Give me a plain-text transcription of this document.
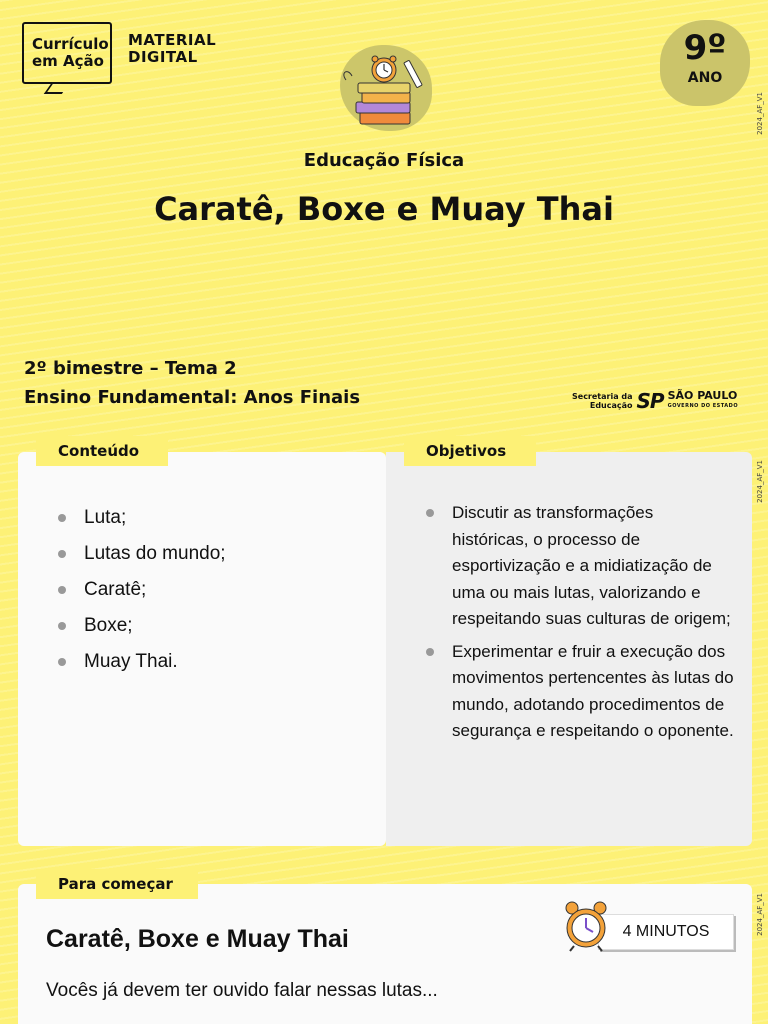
Currículo
em Ação
MATERIAL
DIGITAL	9º
ANO
2024_AF_V1
2024_AF_V1
2024_AF_V1
Educação Física
Caratê, Boxe e Muay Thai
2º bimestre – Tema 2
Ensino Fundamental: Anos Finais	Secretaria da
Educação SP SÃO PAULO
GOVERNO DO ESTADO
Conteúdo	Objetivos
Luta;
Lutas do mundo;
Caratê;
Boxe;
Muay Thai.
Discutir as transformações históricas, o processo de esportivização e a midiatização de uma ou mais lutas, valorizando e respeitando suas culturas de origem;
Experimentar e fruir a execução dos movimentos pertencentes às lutas do mundo, adotando procedimentos de segurança e respeitando o oponente.
Para começar
Caratê, Boxe e Muay Thai	4 MINUTOS
Vocês já devem ter ouvido falar nessas lutas...
